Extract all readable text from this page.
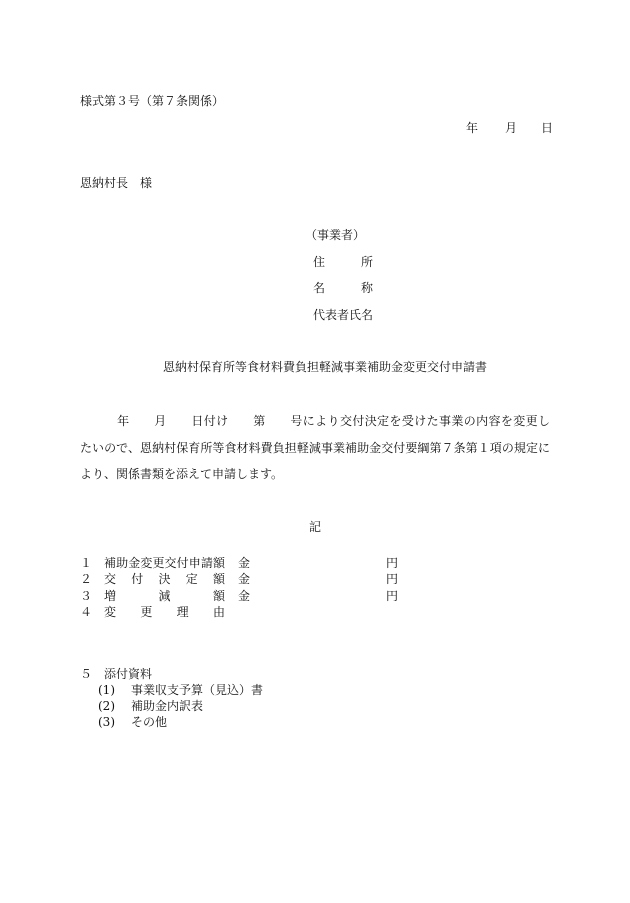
様式第３号（第７条関係）
年 月 日
恩納村長　様
（事業者）
住	所
名	称
代表者氏名
恩納村保育所等食材料費負担軽減事業補助金変更交付申請書
　　　年　　月　　日付け　　第　　号により交付決定を受けた事業の内容を変更し
たいので、恩納村保育所等食材料費負担軽減事業補助金交付要綱第７条第１項の規定に
より、関係書類を添えて申請します。
記
１ 補 助 金 変 更 交 付 申 請 額 金	円
２ 交 付 決 定 額 金	円
３ 増	減	額 金	円
４ 変 更 理 由
５ 添付資料
(1) 事業収支予算（見込）書
(2) 補助金内訳表
(3) その他
